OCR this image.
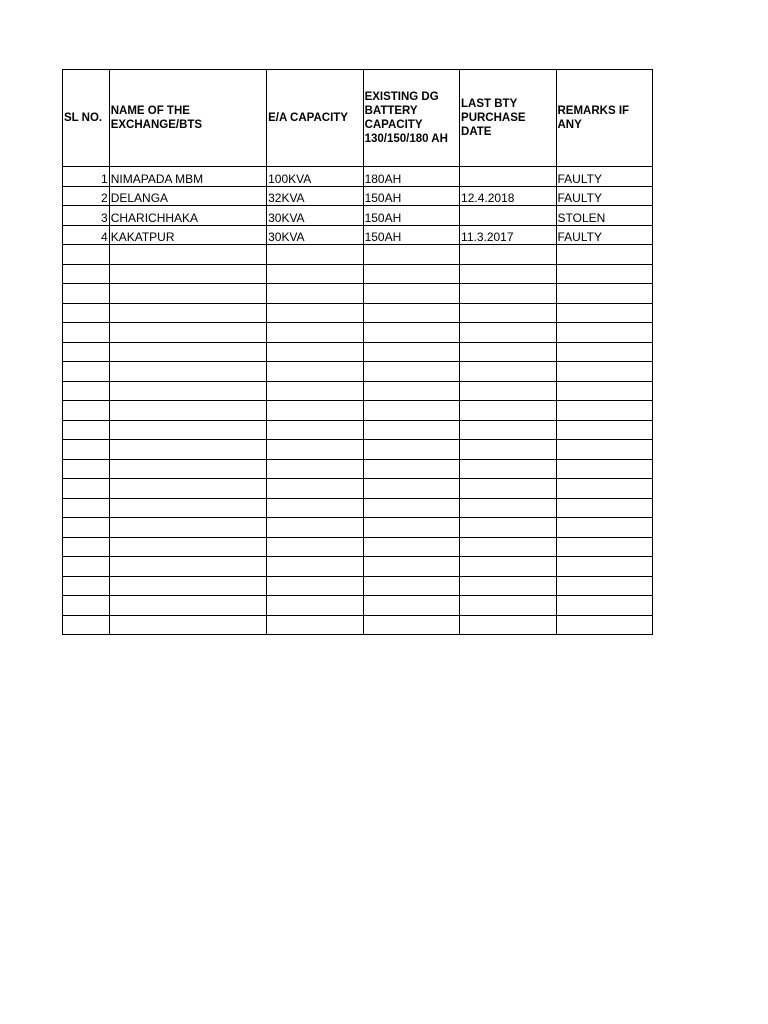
SL NO.	NAME OF THE EXCHANGE/BTS	E/A CAPACITY	EXISTING DG BATTERY CAPACITY 130/150/180 AH	LAST BTY PURCHASE DATE	REMARKS IF ANY
1	NIMAPADA MBM	100KVA	180AH		FAULTY
2	DELANGA	32KVA	150AH	12.4.2018	FAULTY
3	CHARICHHAKA	30KVA	150AH		STOLEN
4	KAKATPUR	30KVA	150AH	11.3.2017	FAULTY
